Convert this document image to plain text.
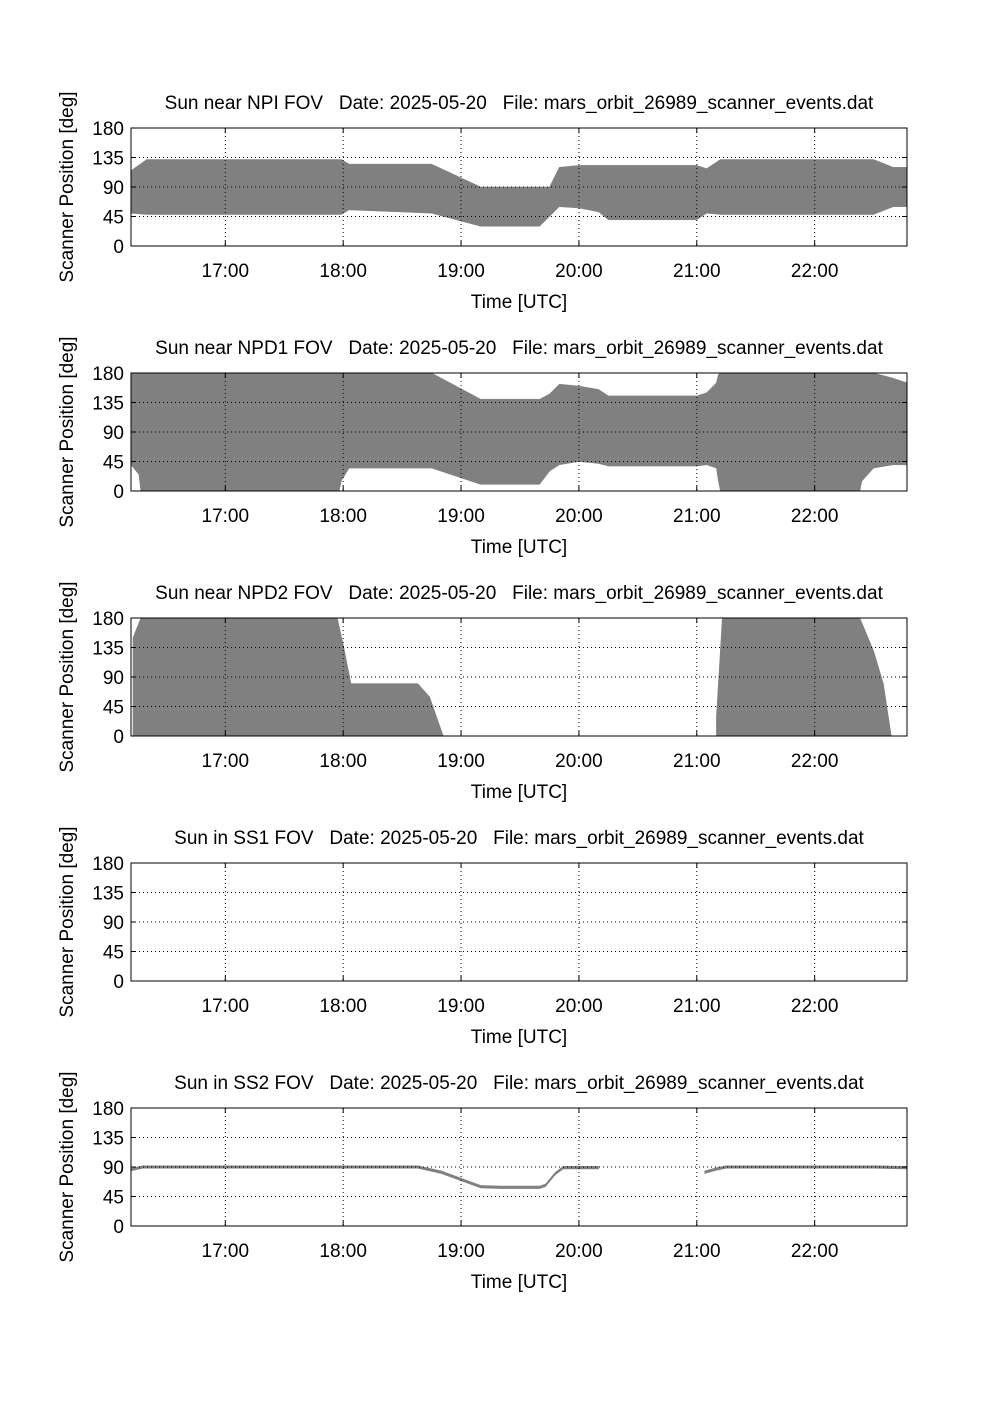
17:00	18:00	19:00	20:00	21:00	22:00
0
45
90
135
180
Sun near NPI FOV   Date: 2025-05-20   File: mars_orbit_26989_scanner_events.dat
Time [UTC]
Scanner Position [deg]
17:00	18:00	19:00	20:00	21:00	22:00
0
45
90
135
180
Sun near NPD1 FOV   Date: 2025-05-20   File: mars_orbit_26989_scanner_events.dat
Time [UTC]
Scanner Position [deg]
17:00	18:00	19:00	20:00	21:00	22:00
0
45
90
135
180
Sun near NPD2 FOV   Date: 2025-05-20   File: mars_orbit_26989_scanner_events.dat
Time [UTC]
Scanner Position [deg]
17:00	18:00	19:00	20:00	21:00	22:00
0
45
90
135
180
Sun in SS1 FOV   Date: 2025-05-20   File: mars_orbit_26989_scanner_events.dat
Time [UTC]
Scanner Position [deg]
17:00	18:00	19:00	20:00	21:00	22:00
0
45
90
135
180
Sun in SS2 FOV   Date: 2025-05-20   File: mars_orbit_26989_scanner_events.dat
Time [UTC]
Scanner Position [deg]
